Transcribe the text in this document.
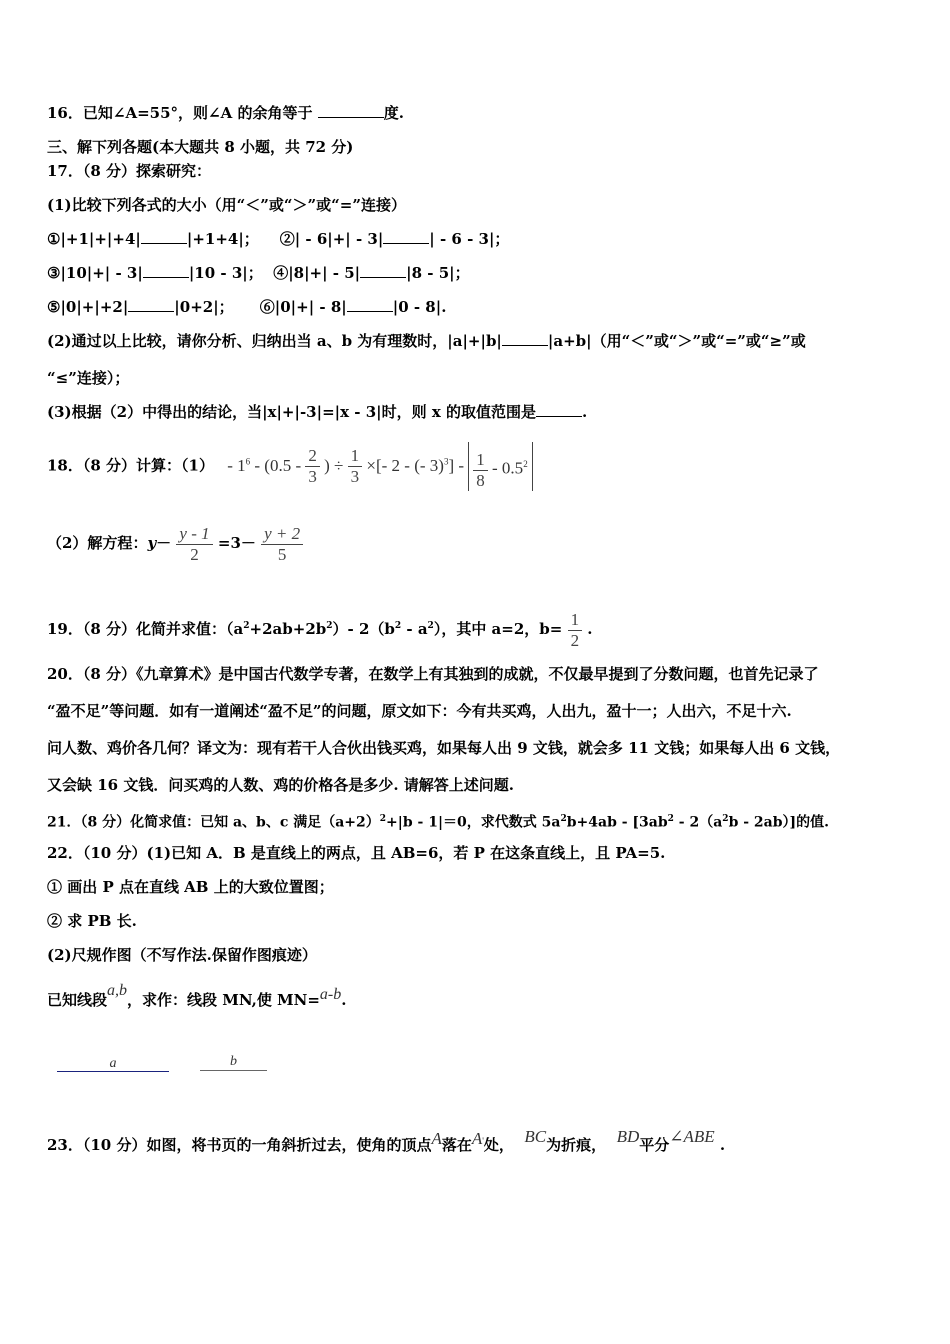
16．已知∠A=55°，则∠A 的余角等于	度.
三、解下列各题(本大题共 8 小题，共 72 分)
17．（8 分）探索研究：
(1)比较下列各式的大小（用“＜”或“＞”或“=”连接）
①|+1|+|+4|	|+1+4|； ②| - 6|+| - 3|	| - 6 - 3|；
③|10|+| - 3|	|10 - 3|； ④|8|+| - 5|	|8 - 5|；
⑤|0|+|+2|	|0+2|； ⑥|0|+| - 8|	|0 - 8|.
(2)通过以上比较，请你分析、归纳出当 a、b 为有理数时，|a|+|b|	|a+b|（用“＜”或“＞”或“=”或“≥”或
“≤”连接）；
(3)根据（2）中得出的结论，当|x|+|-3|=|x - 3|时，则 x 的取值范围是	.
18．（8 分）计算：$(1) - 1^6 - (0.5 - \frac{2}{3}$ ) ÷ $\frac{1}{3}$ ×[- 2 - (- $3)^3] - \frac{1}{8} - 0.5^2$
（2）解方程：$y- \frac{y - 1}{2} =3- \frac{y + 2}{5}$
19．（8 分）化简并求值：$(a^2+2ab+2b^2)-$ $2(b^2 - a^2)$，其中 a=2，$b= \frac{1}{2}$ .
20．（8 分）《九章算术》是中国古代数学专著，在数学上有其独到的成就，不仅最早提到了分数问题，也首先记录了
“盈不足”等问题．如有一道阐述“盈不足”的问题，原文如下：今有共买鸡，人出九，盈十一；人出六，不足十六.
问人数、鸡价各几何？译文为：现有若干人合伙出钱买鸡，如果每人出 9 文钱，就会多 11 文钱；如果每人出 6 文钱，
又会缺 16 文钱．问买鸡的人数、鸡的价格各是多少. 请解答上述问题.
21．（8 分）化简求值：已知 a、b、c 满足$(a+2)^2+|b - 1|=0$，求代数式 $5a^2b+4ab - [3ab^2 - 2(a^2b - 2ab)]$的值.
22．（10 分）(1)已知 A．B 是直线上的两点，且 AB=6，若 P 在这条直线上，且 PA=5.
① 画出 P 点在直线 AB 上的大致位置图；
② 求 PB 长.
(2)尺规作图（不写作法.保留作图痕迹）
已知线段a,b，求作：线段 MN,使 MN=a-b.
a	b
23．（10 分）如图，将书页的一角斜折过去，使角的顶点A落在A'处， BC为折痕， BD平分∠ABE .
